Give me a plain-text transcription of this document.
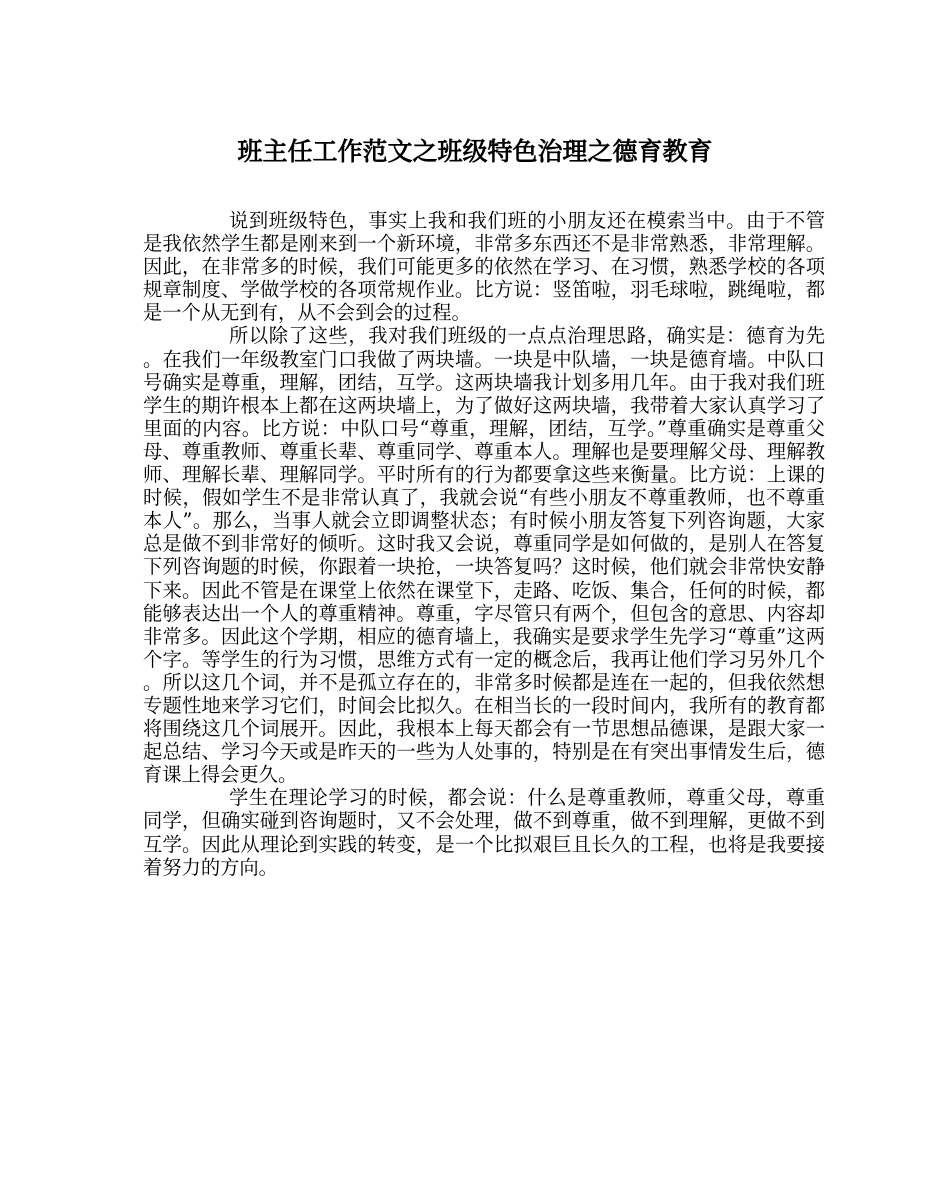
班主任工作范文之班级特色治理之德育教育

说到班级特色，事实上我和我们班的小朋友还在模索当中。由于不管是我依然学生都是刚来到一个新环境，非常多东西还不是非常熟悉，非常理解。因此，在非常多的时候，我们可能更多的依然在学习、在习惯，熟悉学校的各项规章制度、学做学校的各项常规作业。比方说：竖笛啦，羽毛球啦，跳绳啦，都是一个从无到有，从不会到会的过程。

所以除了这些，我对我们班级的一点点治理思路，确实是：德育为先。在我们一年级教室门口我做了两块墙。一块是中队墙，一块是德育墙。中队口号确实是尊重，理解，团结，互学。这两块墙我计划多用几年。由于我对我们班学生的期许根本上都在这两块墙上，为了做好这两块墙，我带着大家认真学习了里面的内容。比方说：中队口号“尊重，理解，团结，互学。”尊重确实是尊重父母、尊重教师、尊重长辈、尊重同学、尊重本人。理解也是要理解父母、理解教师、理解长辈、理解同学。平时所有的行为都要拿这些来衡量。比方说：上课的时候，假如学生不是非常认真了，我就会说“有些小朋友不尊重教师，也不尊重本人”。那么，当事人就会立即调整状态；有时候小朋友答复下列咨询题，大家总是做不到非常好的倾听。这时我又会说，尊重同学是如何做的，是别人在答复下列咨询题的时候，你跟着一块抢，一块答复吗？这时候，他们就会非常快安静下来。因此不管是在课堂上依然在课堂下，走路、吃饭、集合，任何的时候，都能够表达出一个人的尊重精神。尊重，字尽管只有两个，但包含的意思、内容却非常多。因此这个学期，相应的德育墙上，我确实是要求学生先学习“尊重”这两个字。等学生的行为习惯，思维方式有一定的概念后，我再让他们学习另外几个。所以这几个词，并不是孤立存在的，非常多时候都是连在一起的，但我依然想专题性地来学习它们，时间会比拟久。在相当长的一段时间内，我所有的教育都将围绕这几个词展开。因此，我根本上每天都会有一节思想品德课，是跟大家一起总结、学习今天或是昨天的一些为人处事的，特别是在有突出事情发生后，德育课上得会更久。

学生在理论学习的时候，都会说：什么是尊重教师，尊重父母，尊重同学，但确实碰到咨询题时，又不会处理，做不到尊重，做不到理解，更做不到互学。因此从理论到实践的转变，是一个比拟艰巨且长久的工程，也将是我要接着努力的方向。
